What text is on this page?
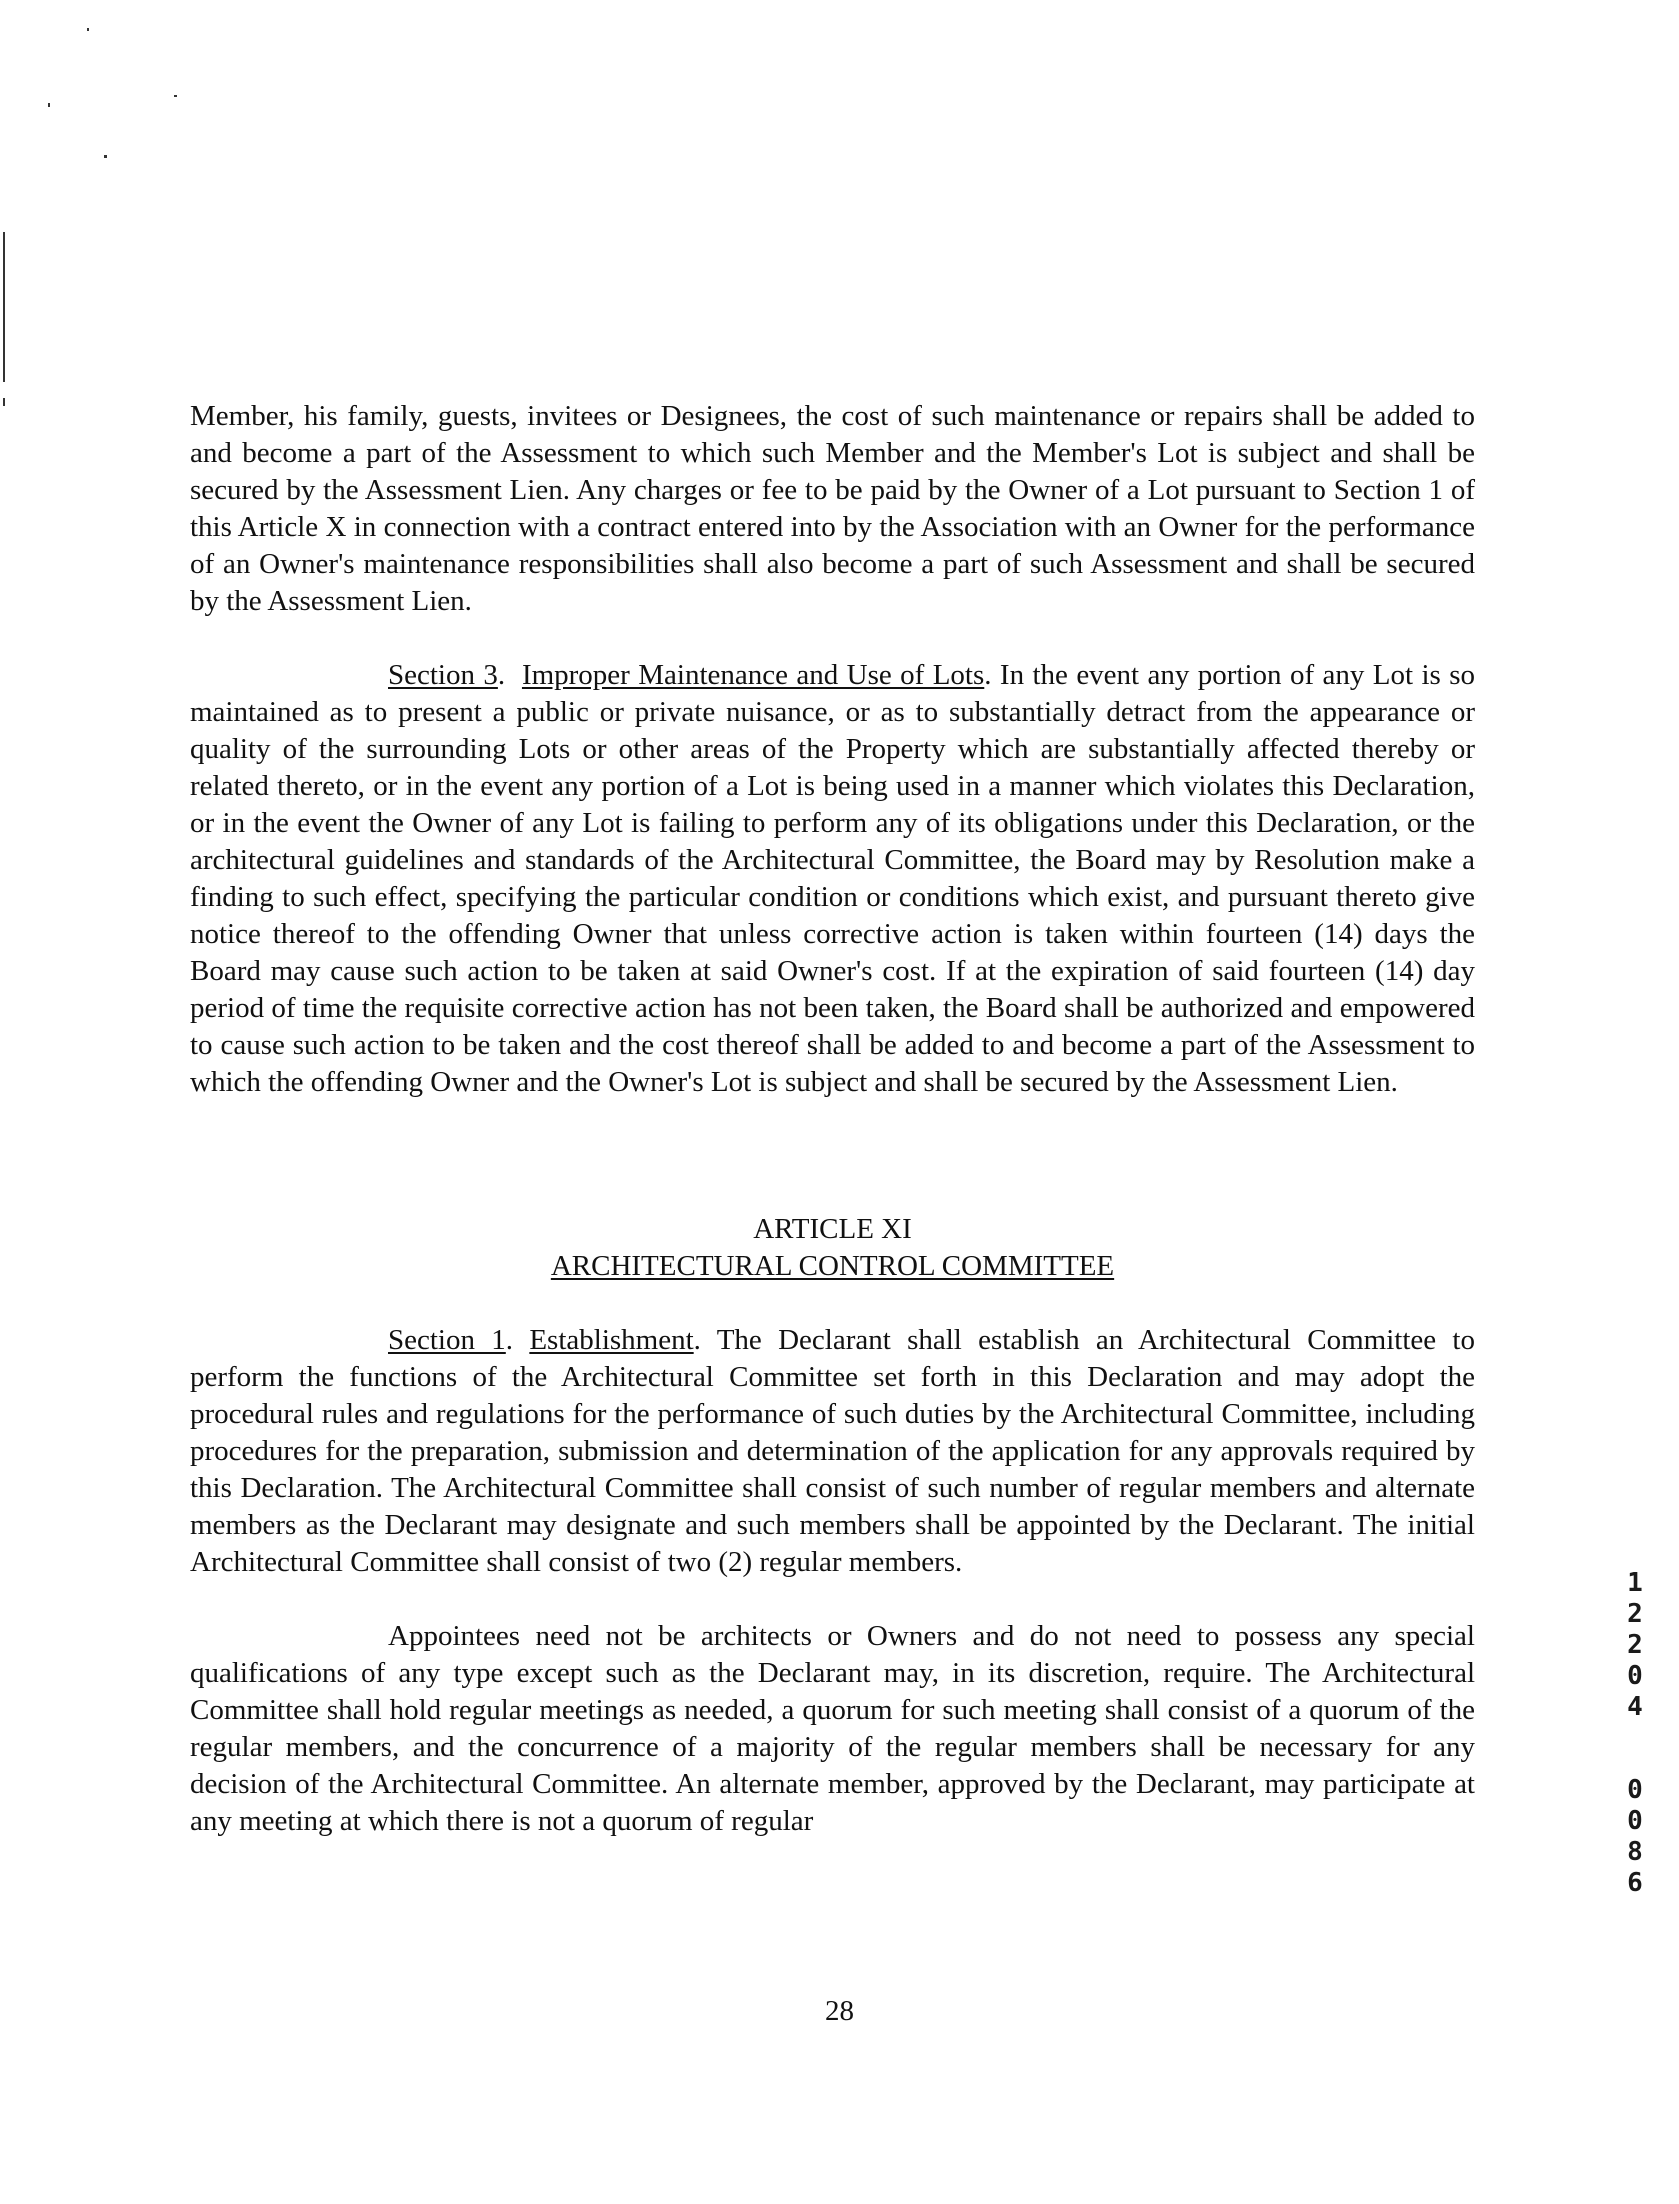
Member, his family, guests, invitees or Designees, the cost of such maintenance or repairs shall be added to and become a part of the Assessment to which such Member and the Member's Lot is subject and shall be secured by the Assessment Lien. Any charges or fee to be paid by the Owner of a Lot pursuant to Section 1 of this Article X in connection with a contract entered into by the Association with an Owner for the performance of an Owner's maintenance responsibilities shall also become a part of such Assessment and shall be secured by the Assessment Lien.

Section 3. Improper Maintenance and Use of Lots. In the event any portion of any Lot is so maintained as to present a public or private nuisance, or as to substantially detract from the appearance or quality of the surrounding Lots or other areas of the Property which are substantially affected thereby or related thereto, or in the event any portion of a Lot is being used in a manner which violates this Declaration, or in the event the Owner of any Lot is failing to perform any of its obligations under this Declaration, or the architectural guidelines and standards of the Architectural Committee, the Board may by Resolution make a finding to such effect, specifying the particular condition or conditions which exist, and pursuant thereto give notice thereof to the offending Owner that unless corrective action is taken within fourteen (14) days the Board may cause such action to be taken at said Owner's cost. If at the expiration of said fourteen (14) day period of time the requisite corrective action has not been taken, the Board shall be authorized and empowered to cause such action to be taken and the cost thereof shall be added to and become a part of the Assessment to which the offending Owner and the Owner's Lot is subject and shall be secured by the Assessment Lien.

ARTICLE XI
ARCHITECTURAL CONTROL COMMITTEE

Section 1. Establishment. The Declarant shall establish an Architectural Committee to perform the functions of the Architectural Committee set forth in this Declaration and may adopt the procedural rules and regulations for the performance of such duties by the Architectural Committee, including procedures for the preparation, submission and determination of the application for any approvals required by this Declaration. The Architectural Committee shall consist of such number of regular members and alternate members as the Declarant may designate and such members shall be appointed by the Declarant. The initial Architectural Committee shall consist of two (2) regular members.

Appointees need not be architects or Owners and do not need to possess any special qualifications of any type except such as the Declarant may, in its discretion, require. The Architectural Committee shall hold regular meetings as needed, a quorum for such meeting shall consist of a quorum of the regular members, and the concurrence of a majority of the regular members shall be necessary for any decision of the Architectural Committee. An alternate member, approved by the Declarant, may participate at any meeting at which there is not a quorum of regular

28
1
2
2
0
4
0
0
8
6
